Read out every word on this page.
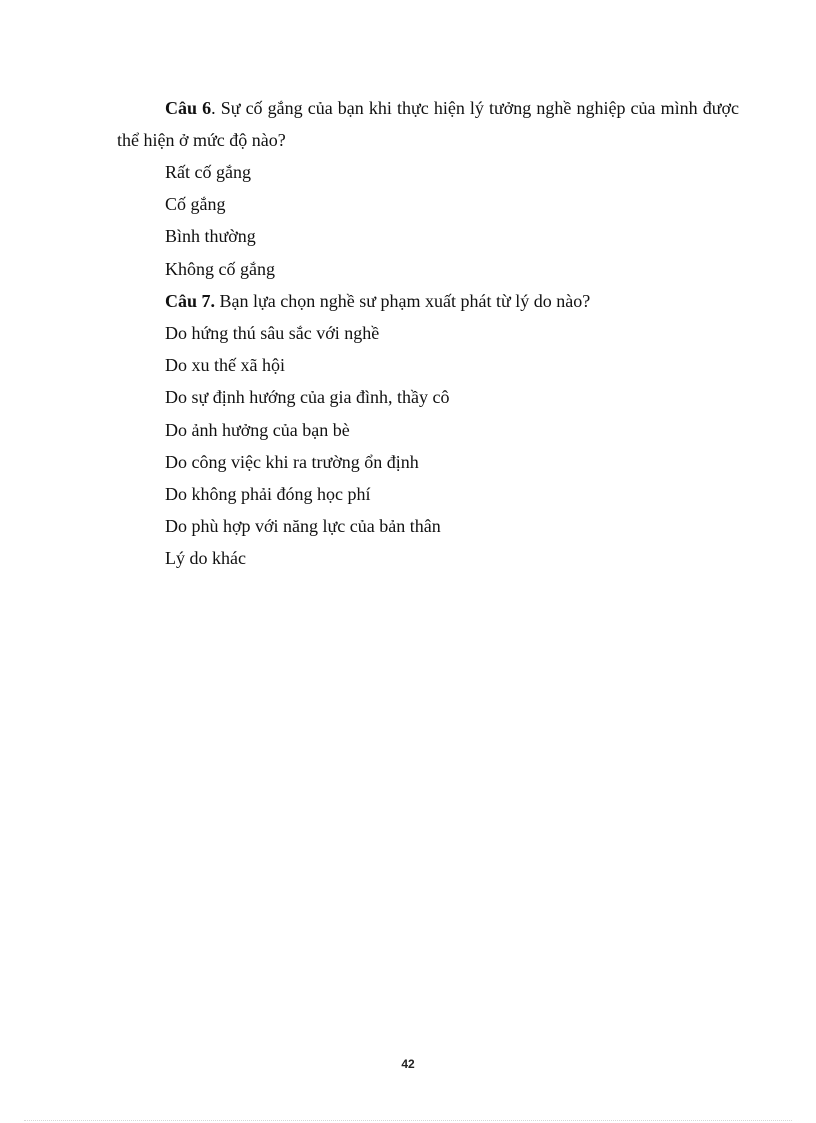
Câu 6. Sự cố gắng của bạn khi thực hiện lý tưởng nghề nghiệp của mình được thể hiện ở mức độ nào?

Rất cố gắng
Cố gắng
Bình thường
Không cố gắng

Câu 7. Bạn lựa chọn nghề sư phạm xuất phát từ lý do nào?

Do hứng thú sâu sắc với nghề
Do xu thế xã hội
Do sự định hướng của gia đình, thầy cô
Do ảnh hưởng của bạn bè
Do công việc khi ra trường ổn định
Do không phải đóng học phí
Do phù hợp với năng lực của bản thân
Lý do khác
42
